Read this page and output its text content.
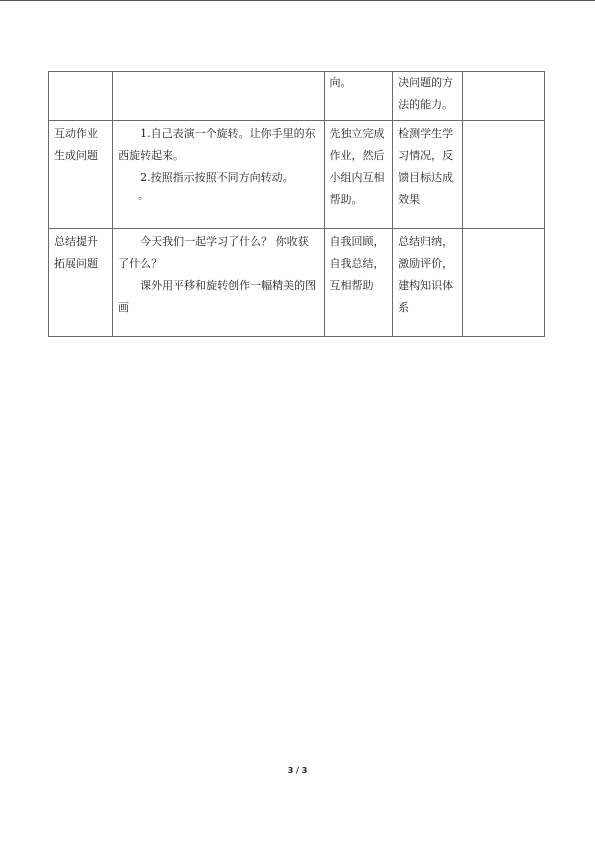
		向。	决问题的方法的能力。	
互动作业生成问题	1.自己表演一个旋转。让你手里的东西旋转起来。

2.按照指示按照不同方向转动。

。	先独立完成作业，然后小组内互相帮助。	检测学生学习情况，反馈目标达成效果	
总结提升拓展问题	今天我们一起学习了什么？ 你收获了什么？

课外用平移和旋转创作一幅精美的图画	自我回顾，自我总结，互相帮助	总结归纳，激励评价，建构知识体系	
3 / 3
